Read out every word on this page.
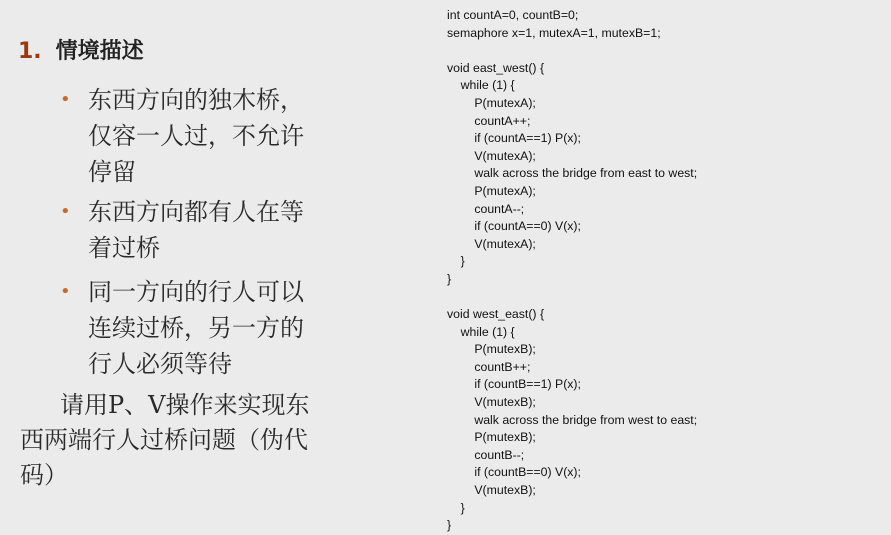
1. 情境描述
• 东西方向的独木桥，仅容一人过，不允许停留
• 东西方向都有人在等着过桥
• 同一方向的行人可以连续过桥，另一方的行人必须等待
请用P、V操作来实现东西两端行人过桥问题（伪代码）
int countA=0, countB=0;
semaphore x=1, mutexA=1, mutexB=1;
void east_west() {
while (1) {
P(mutexA);
countA++;
if (countA==1) P(x);
V(mutexA);
walk across the bridge from east to west;
P(mutexA);
countA--;
if (countA==0) V(x);
V(mutexA);
}
}
void west_east() {
while (1) {
P(mutexB);
countB++;
if (countB==1) P(x);
V(mutexB);
walk across the bridge from west to east;
P(mutexB);
countB--;
if (countB==0) V(x);
V(mutexB);
}
}
